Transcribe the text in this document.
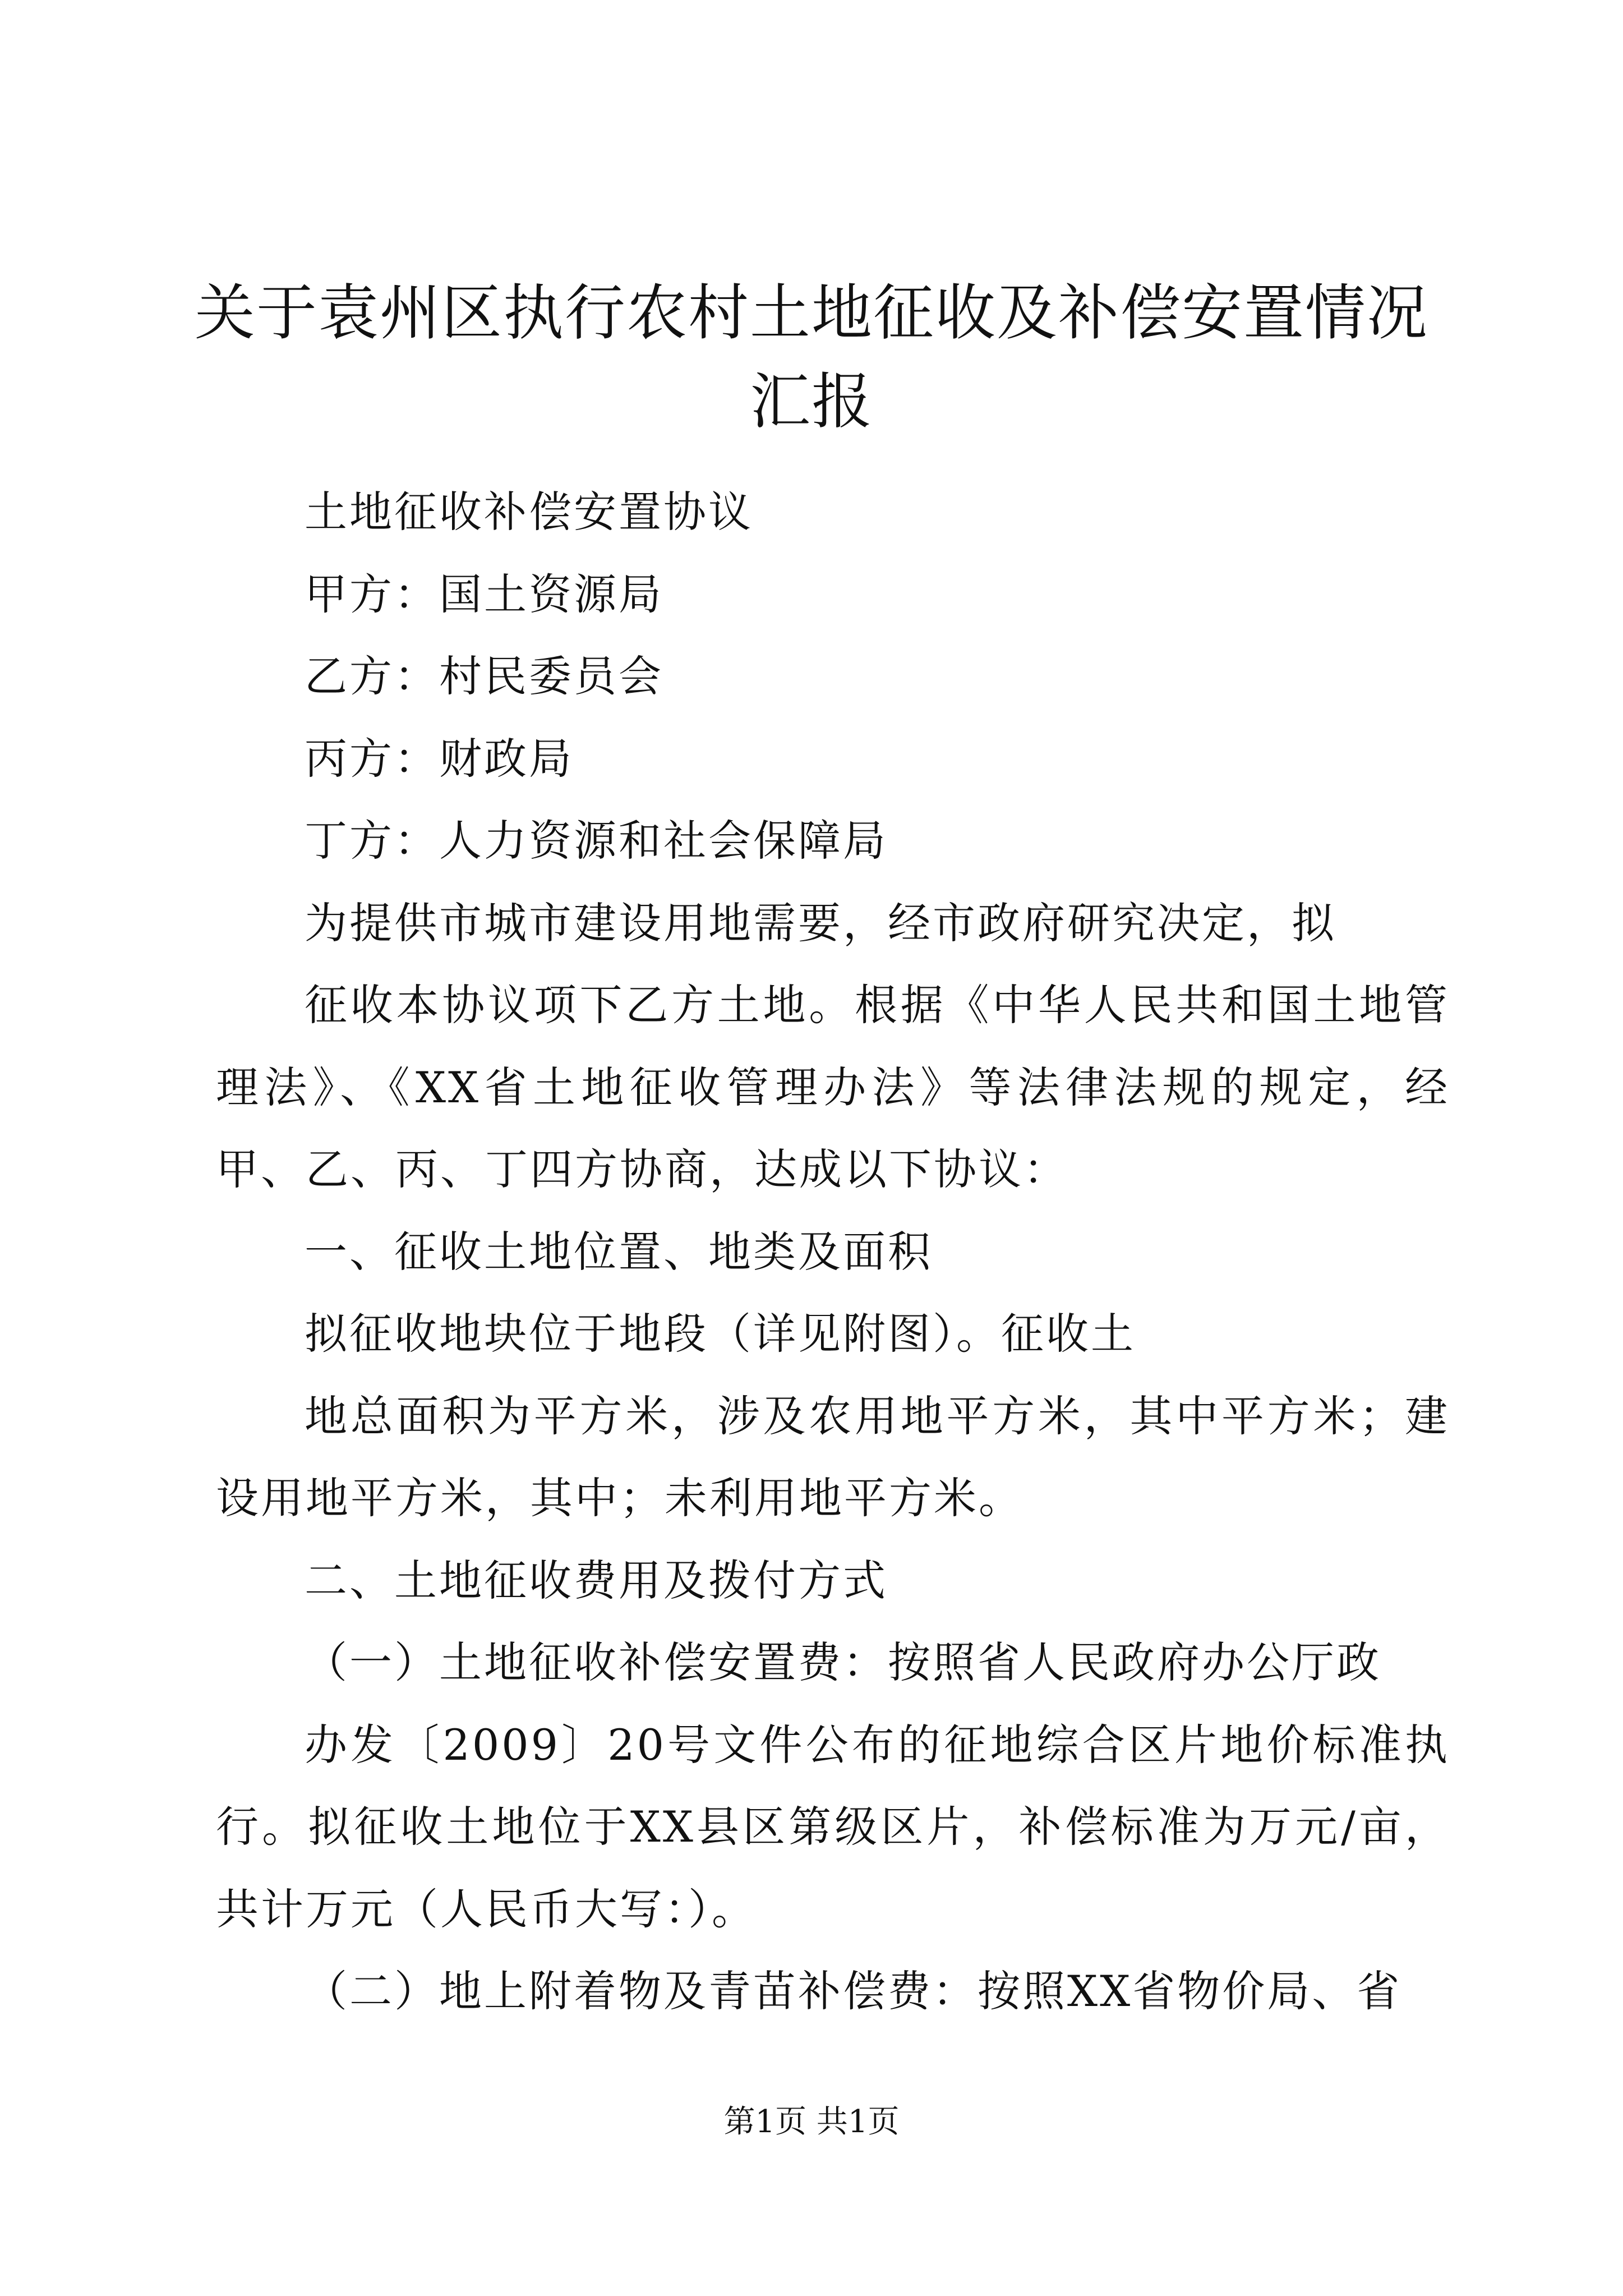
关于袁州区执行农村土地征收及补偿安置情况
汇报

土地征收补偿安置协议

甲方：国土资源局

乙方：村民委员会

丙方：财政局

丁方：人力资源和社会保障局

为提供市城市建设用地需要，经市政府研究决定，拟

征收本协议项下乙方土地。根据《中华人民共和国土地管理法》、《XX省土地征收管理办法》等法律法规的规定，经甲、乙、丙、丁四方协商，达成以下协议：

一、征收土地位置、地类及面积

拟征收地块位于地段（详见附图）。征收土

地总面积为平方米，涉及农用地平方米，其中平方米；建设用地平方米，其中；未利用地平方米。

二、土地征收费用及拨付方式

（一）土地征收补偿安置费：按照省人民政府办公厅政

办发〔2009〕20号文件公布的征地综合区片地价标准执行。拟征收土地位于XX县区第级区片，补偿标准为万元/亩，共计万元（人民币大写：）。

（二）地上附着物及青苗补偿费：按照XX省物价局、省

第1页 共1页
